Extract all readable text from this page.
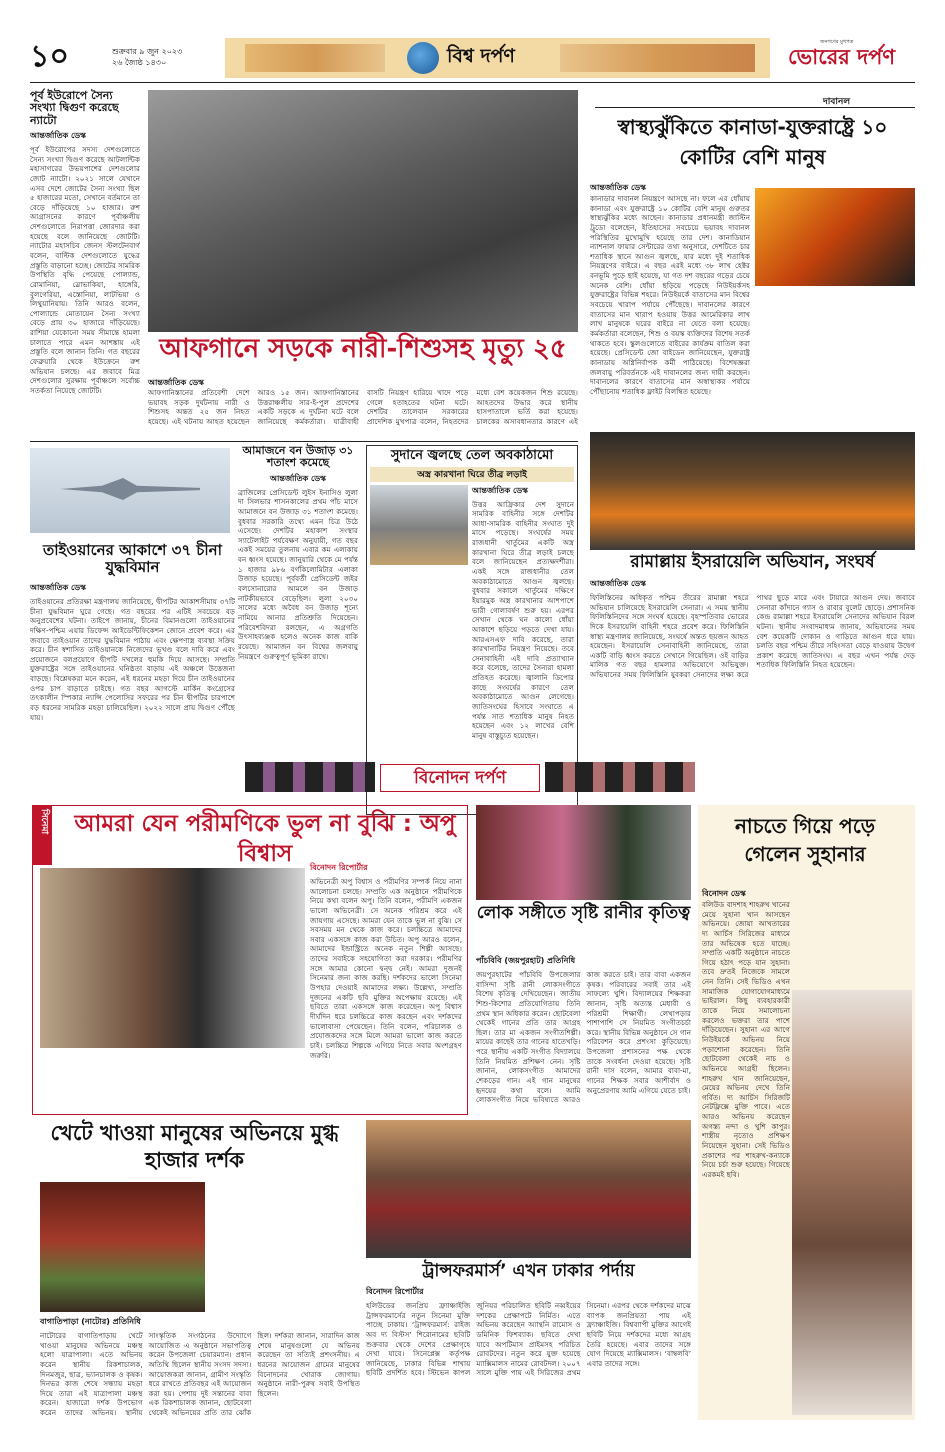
১০	শুক্রবার ৯ জুন ২০২৩
২৬ জ্যৈষ্ঠ ১৪৩০	বিশ্ব দর্পণ
জনগণের মুখপত্র
ভোরের দর্পণ
পূর্ব ইউরোপে সৈন্য সংখ্যা দ্বিগুণ করেছে ন্যাটো
আন্তর্জাতিক ডেস্ক
পূর্ব ইউরোপের সদস্য দেশগুলোতে সৈন্য সংখ্যা দ্বিগুণ করেছে আটলান্টিক মহাসাগরের উভয়পাশের দেশগুলোর জোট ন্যাটো। ২০২১ সালে যেখানে এসব দেশে জোটের সৈন্য সংখ্যা ছিল ৫ হাজারের মতো, সেখানে বর্তমানে তা বেড়ে দাঁড়িয়েছে ১০ হাজার। রুশ আগ্রাসনের কারণে পূর্বাঞ্চলীয় দেশগুলোতে নিরাপত্তা জোরদার করা হয়েছে বলে জানিয়েছে জোটটি। ন্যাটোর মহাসচিব জেনস স্টলটেনবার্গ বলেন, বাল্টিক দেশগুলোতে যুদ্ধের প্রস্তুতি বাড়ানো হচ্ছে। জোটের সামরিক উপস্থিতি বৃদ্ধি পেয়েছে পোল্যান্ড, রোমানিয়া, স্লোভাকিয়া, হাঙ্গেরি, বুলগেরিয়া, এস্তোনিয়া, লাটভিয়া ও লিথুয়ানিয়ায়। তিনি আরও বলেন, পোল্যান্ডে মোতায়েন সৈন্য সংখ্যা বেড়ে প্রায় ৩০ হাজারে দাঁড়িয়েছে। রাশিয়া যেকোনো সময় সীমান্তে হামলা চালাতে পারে এমন আশঙ্কায় এই প্রস্তুতি বলে জানান তিনি। গত বছরের ফেব্রুয়ারি থেকে ইউক্রেনে রুশ অভিযান চলছে। এর জবাবে মিত্র দেশগুলোর সুরক্ষায় পূর্বাঞ্চলে সর্বোচ্চ সতর্কতা নিয়েছে জোটটি।
দাবানল
স্বাস্থ্যঝুঁকিতে কানাডা-যুক্তরাষ্ট্রে ১০ কোটির বেশি মানুষ
আন্তর্জাতিক ডেস্ক
কানাডার দাবানল নিয়ন্ত্রণে আসছে না। ফলে এর ধোঁয়ায় কানাডা এবং যুক্তরাষ্ট্রে ১০ কোটির বেশি মানুষ গুরুতর স্বাস্থ্যঝুঁকির মধ্যে আছেন। কানাডার প্রধানমন্ত্রী জাস্টিন ট্রুডো বলেছেন, ইতিহাসের সবচেয়ে ভয়াবহ দাবানল পরিস্থিতির মুখোমুখি হয়েছে তার দেশ। কানাডিয়ান ন্যাশনাল ফায়ার সেন্টারের তথ্য অনুসারে, দেশটিতে চার শতাধিক স্থানে আগুন জ্বলছে, যার মধ্যে দুই শতাধিক নিয়ন্ত্রণের বাইরে। এ বছর এরই মধ্যে ৩৮ লাখ হেক্টর বনভূমি পুড়ে ছাই হয়েছে, যা গত দশ বছরের গড়ের চেয়ে অনেক বেশি। ধোঁয়া ছড়িয়ে পড়েছে নিউইয়র্কসহ যুক্তরাষ্ট্রের বিভিন্ন শহরে। নিউইয়র্কে বাতাসের মান বিশ্বের সবচেয়ে খারাপ পর্যায়ে পৌঁছেছে। দাবানলের কারণে বাতাসের মান খারাপ হওয়ায় উত্তর আমেরিকার লাখ লাখ মানুষকে ঘরের বাইরে না যেতে বলা হয়েছে। কর্মকর্তারা বলেছেন, শিশু ও বয়স্ক ব্যক্তিদের বিশেষ সতর্ক থাকতে হবে। স্কুলগুলোতে বাইরের কার্যক্রম বাতিল করা হয়েছে। প্রেসিডেন্ট জো বাইডেন জানিয়েছেন, যুক্তরাষ্ট্র কানাডায় অগ্নিনির্বাপক কর্মী পাঠিয়েছে। বিশেষজ্ঞরা জলবায়ু পরিবর্তনকে এই দাবানলের জন্য দায়ী করছেন। দাবানলের কারণে বাতাসের মান অস্বাস্থ্যকর পর্যায়ে পৌঁছানোয় শতাধিক ফ্লাইট বিলম্বিত হয়েছে।
আফগানে সড়কে নারী-শিশুসহ মৃত্যু ২৫
আন্তর্জাতিক ডেস্ক
আফগানিস্তানের প্রতিবেশী দেশে ভয়াবহ সড়ক দুর্ঘটনায় নারী ও শিশুসহ অন্তত ২৫ জন নিহত হয়েছে। এই ঘটনায় আহত হয়েছেন আরও ১৫ জন। আফগানিস্তানের উত্তরাঞ্চলীয় সার-ই-পুল প্রদেশের একটি সড়কে এ দুর্ঘটনা ঘটে বলে জানিয়েছে কর্মকর্তারা। যাত্রীবাহী বাসটি নিয়ন্ত্রণ হারিয়ে খাদে পড়ে গেলে হতাহতের ঘটনা ঘটে। দেশটির তালেবান সরকারের প্রাদেশিক মুখপাত্র বলেন, নিহতদের মধ্যে বেশ কয়েকজন শিশু রয়েছে। আহতদের উদ্ধার করে স্থানীয় হাসপাতালে ভর্তি করা হয়েছে। চালকের অসাবধানতার কারণে এই
আমাজনে বন উজাড় ৩১ শতাংশ কমেছে
আন্তর্জাতিক ডেস্ক
ব্রাজিলের প্রেসিডেন্ট লুইস ইনাসিও লুলা দা সিলভার শাসনকালের প্রথম পাঁচ মাসে আমাজনে বন উজাড় ৩১ শতাংশ কমেছে। বুধবার সরকারি তথ্যে এমন চিত্র উঠে এসেছে। দেশটির মহাকাশ সংস্থার স্যাটেলাইট পর্যবেক্ষণ অনুযায়ী, গত বছর একই সময়ের তুলনায় এবার কম এলাকায় বন ধ্বংস হয়েছে। জানুয়ারি থেকে মে পর্যন্ত ১ হাজার ৯৮৬ বর্গকিলোমিটার এলাকা উজাড় হয়েছে। পূর্ববর্তী প্রেসিডেন্ট জইর বলসোনারোর আমলে বন উজাড় নাটকীয়ভাবে বেড়েছিল। লুলা ২০৩০ সালের মধ্যে অবৈধ বন উজাড় শূন্যে নামিয়ে আনার প্রতিশ্রুতি দিয়েছেন। পরিবেশবিদরা বলছেন, এ অগ্রগতি উৎসাহব্যঞ্জক হলেও অনেক কাজ বাকি রয়েছে। আমাজন বন বিশ্বের জলবায়ু নিয়ন্ত্রণে গুরুত্বপূর্ণ ভূমিকা রাখে।
সুদানে জ্বলছে তেল অবকাঠামো
অস্ত্র কারখানা ঘিরে তীব্র লড়াই
আন্তর্জাতিক ডেস্ক
উত্তর আফ্রিকার দেশ সুদানে সামরিক বাহিনীর সঙ্গে দেশটির আধা-সামরিক বাহিনীর সংঘাত দুই মাসে পড়েছে। সংঘর্ষের সময় রাজধানী খার্তুমের একটি অস্ত্র কারখানা ঘিরে তীব্র লড়াই চলছে বলে জানিয়েছেন প্রত্যক্ষদর্শীরা। একই সঙ্গে রাজধানীর তেল অবকাঠামোতে আগুন জ্বলছে। বুধবার সকালে খার্তুমের দক্ষিণে ইয়ারমুক অস্ত্র কারখানার আশপাশে ভারী গোলাবর্ষণ শুরু হয়। এরপর সেখান থেকে ঘন কালো ধোঁয়া আকাশে ছড়িয়ে পড়তে দেখা যায়। আরএসএফ দাবি করেছে, তারা কারখানাটির নিয়ন্ত্রণ নিয়েছে। তবে সেনাবাহিনী এই দাবি প্রত্যাখ্যান করে বলেছে, তাদের সৈন্যরা হামলা প্রতিহত করেছে। জ্বালানি ডিপোর কাছে সংঘর্ষের কারণে তেল অবকাঠামোতে আগুন লেগেছে। জাতিসংঘের হিসাবে সংঘাতে এ পর্যন্ত সাত শতাধিক মানুষ নিহত হয়েছেন এবং ১২ লাখের বেশি মানুষ বাস্তুচ্যুত হয়েছেন।
তাইওয়ানের আকাশে ৩৭ চীনা যুদ্ধবিমান
আন্তর্জাতিক ডেস্ক
তাইওয়ানের প্রতিরক্ষা মন্ত্রণালয় জানিয়েছে, দ্বীপটির আকাশসীমায় ৩৭টি চীনা যুদ্ধবিমান ঘুরে গেছে। গত বছরের পর এটিই সবচেয়ে বড় অনুপ্রবেশের ঘটনা। তাইপে জানায়, চীনের বিমানগুলো তাইওয়ানের দক্ষিণ-পশ্চিম এয়ার ডিফেন্স আইডেন্টিফিকেশন জোনে প্রবেশ করে। এর জবাবে তাইওয়ান তাদের যুদ্ধবিমান পাঠায় এবং ক্ষেপণাস্ত্র ব্যবস্থা সক্রিয় করে। চীন স্বশাসিত তাইওয়ানকে নিজেদের ভূখণ্ড বলে দাবি করে এবং প্রয়োজনে বলপ্রয়োগে দ্বীপটি দখলের হুমকি দিয়ে আসছে। সম্প্রতি যুক্তরাষ্ট্রের সঙ্গে তাইওয়ানের ঘনিষ্ঠতা বাড়ায় এই অঞ্চলে উত্তেজনা বাড়ছে। বিশ্লেষকরা মনে করেন, এই ধরনের মহড়া দিয়ে চীন তাইওয়ানের ওপর চাপ বাড়াতে চাইছে। গত বছর আগস্টে মার্কিন কংগ্রেসের তৎকালীন স্পিকার ন্যান্সি পেলোসির সফরের পর চীন দ্বীপটির চারপাশে বড় ধরনের সামরিক মহড়া চালিয়েছিল। ২০২২ সালে প্রায় দ্বিগুণ পৌঁছে যায়।
রামাল্লায় ইসরায়েলি অভিযান, সংঘর্ষ
আন্তর্জাতিক ডেস্ক
ফিলিস্তিনের অধিকৃত পশ্চিম তীরের রামাল্লা শহরে অভিযান চালিয়েছে ইসরায়েলি সেনারা। এ সময় স্থানীয় ফিলিস্তিনিদের সঙ্গে সংঘর্ষ হয়েছে। বৃহস্পতিবার ভোরের দিকে ইসরায়েলি বাহিনী শহরে প্রবেশ করে। ফিলিস্তিনি স্বাস্থ্য মন্ত্রণালয় জানিয়েছে, সংঘর্ষে অন্তত ছয়জন আহত হয়েছেন। ইসরায়েলি সেনাবাহিনী জানিয়েছে, তারা একটি বাড়ি ধ্বংস করতে সেখানে গিয়েছিল। ওই বাড়ির মালিক গত বছর হামলার অভিযোগে অভিযুক্ত। অভিযানের সময় ফিলিস্তিনি যুবকরা সেনাদের লক্ষ্য করে পাথর ছুড়ে মারে এবং টায়ারে আগুন দেয়। জবাবে সেনারা কাঁদানে গ্যাস ও রাবার বুলেট ছোড়ে। প্রশাসনিক কেন্দ্র রামাল্লা শহরে ইসরায়েলি সেনাদের অভিযান বিরল ঘটনা। স্থানীয় সংবাদমাধ্যম জানায়, অভিযানের সময় বেশ কয়েকটি দোকান ও গাড়িতে আগুন ধরে যায়। চলতি বছর পশ্চিম তীরে সহিংসতা বেড়ে যাওয়ায় উদ্বেগ প্রকাশ করেছে জাতিসংঘ। এ বছর এখন পর্যন্ত দেড় শতাধিক ফিলিস্তিনি নিহত হয়েছেন।
বিনোদন দর্পণ
সিনেমা	আমরা যেন পরীমণিকে ভুল না বুঝি : অপু বিশ্বাস
বিনোদন রিপোর্টার
অভিনেত্রী অপু বিশ্বাস ও পরীমণির সম্পর্ক নিয়ে নানা আলোচনা চলছে। সম্প্রতি এক অনুষ্ঠানে পরীমণিকে নিয়ে কথা বলেন অপু। তিনি বলেন, পরীমণি একজন ভালো অভিনেত্রী। সে অনেক পরিশ্রম করে এই জায়গায় এসেছে। আমরা যেন তাকে ভুল না বুঝি। সে সবসময় মন থেকে কাজ করে। চলচ্চিত্রে আমাদের সবার একসঙ্গে কাজ করা উচিত। অপু আরও বলেন, আমাদের ইন্ডাস্ট্রিতে অনেক নতুন শিল্পী আসছে। তাদের সবাইকে সহযোগিতা করা দরকার। পরীমণির সঙ্গে আমার কোনো দ্বন্দ্ব নেই। আমরা দুজনই সিনেমার জন্য কাজ করছি। দর্শকদের ভালো সিনেমা উপহার দেওয়াই আমাদের লক্ষ্য। উল্লেখ্য, সম্প্রতি দুজনের একটি ছবি মুক্তির অপেক্ষায় রয়েছে। এই ছবিতে তারা একসঙ্গে কাজ করেছেন। অপু বিশ্বাস দীর্ঘদিন ধরে চলচ্চিত্রে কাজ করছেন এবং দর্শকদের ভালোবাসা পেয়েছেন। তিনি বলেন, পরিচালক ও প্রযোজকদের সঙ্গে মিলে আমরা ভালো কাজ করতে চাই। চলচ্চিত্র শিল্পকে এগিয়ে নিতে সবার অংশগ্রহণ জরুরি।
লোক সঙ্গীতে সৃষ্টি রানীর কৃতিত্ব
পাঁচবিবি (জয়পুরহাট) প্রতিনিধি
জয়পুরহাটের পাঁচবিবি উপজেলার বাসিন্দা সৃষ্টি রানী লোকসংগীতে বিশেষ কৃতিত্ব দেখিয়েছেন। জাতীয় শিশু-কিশোর প্রতিযোগিতায় তিনি প্রথম স্থান অধিকার করেন। ছোটবেলা থেকেই গানের প্রতি তার আগ্রহ ছিল। তার মা একজন সংগীতশিল্পী। মায়ের কাছেই তার গানের হাতেখড়ি। পরে স্থানীয় একটি সংগীত বিদ্যালয়ে তিনি নিয়মিত প্রশিক্ষণ নেন। সৃষ্টি জানান, লোকসংগীত আমাদের শেকড়ের গান। এই গান মানুষের হৃদয়ের কথা বলে। আমি লোকসংগীত নিয়ে ভবিষ্যতে আরও কাজ করতে চাই। তার বাবা একজন কৃষক। পরিবারের সবাই তার এই সাফল্যে খুশি। বিদ্যালয়ের শিক্ষকরা জানান, সৃষ্টি অত্যন্ত মেধাবী ও পরিশ্রমী শিক্ষার্থী। লেখাপড়ার পাশাপাশি সে নিয়মিত সংগীতচর্চা করে। স্থানীয় বিভিন্ন অনুষ্ঠানে সে গান পরিবেশন করে প্রশংসা কুড়িয়েছে। উপজেলা প্রশাসনের পক্ষ থেকে তাকে সংবর্ধনা দেওয়া হয়েছে। সৃষ্টি রানী দাস বলেন, আমার বাবা-মা, গানের শিক্ষক সবার আশীর্বাদ ও অনুপ্রেরণায় আমি এগিয়ে যেতে চাই।
নাচতে গিয়ে পড়ে গেলেন সুহানার
বিনোদন ডেস্ক
বলিউড বাদশাহ শাহরুখ খানের মেয়ে সুহানা খান আসছেন অভিনয়ে। জোয়া আখতারের দ্য আর্চিস সিরিজের মাধ্যমে তার অভিষেক হতে যাচ্ছে। সম্প্রতি একটি অনুষ্ঠানে নাচতে গিয়ে হঠাৎ পড়ে যান সুহানা। তবে দ্রুতই নিজেকে সামলে নেন তিনি। সেই ভিডিও এখন সামাজিক যোগাযোগমাধ্যমে ভাইরাল। কিছু ব্যবহারকারী তাকে নিয়ে সমালোচনা করলেও ভক্তরা তার পাশে দাঁড়িয়েছেন। সুহানা এর আগে নিউইয়র্কে অভিনয় নিয়ে পড়াশোনা করেছেন। তিনি ছোটবেলা থেকেই নাচ ও অভিনয়ে আগ্রহী ছিলেন। শাহরুখ খান জানিয়েছেন, মেয়ের অভিনয় দেখে তিনি গর্বিত। দ্য আর্চিস সিরিজটি নেটফ্লিক্সে মুক্তি পাবে। এতে আরও অভিনয় করেছেন অগস্ত্য নন্দা ও খুশি কাপুর। শাস্ত্রীয় নৃত্যেও প্রশিক্ষণ নিয়েছেন সুহানা। সেই ভিডিও প্রকাশের পর শাহরুখ-কন্যাকে নিয়ে চর্চা শুরু হয়েছে। গিয়েছে এরকমই ছবি।
খেটে খাওয়া মানুষের অভিনয়ে মুগ্ধ হাজার দর্শক
বাগাতিপাড়া (নাটোর) প্রতিনিধি
নাটোরের বাগাতিপাড়ায় খেটে খাওয়া মানুষের অভিনয়ে মঞ্চস্থ হলো যাত্রাপালা। এতে অভিনয় করেন স্থানীয় রিকশাচালক, দিনমজুর, ছাত্র, ভ্যানচালক ও কৃষক। দিনভর কাজ শেষে সন্ধ্যায় মহড়া দিয়ে তারা এই যাত্রাপালা মঞ্চস্থ করেন। হাজারো দর্শক উপভোগ করেন তাদের অভিনয়। স্থানীয় সাংস্কৃতিক সংগঠনের উদ্যোগে আয়োজিত এ অনুষ্ঠানে সভাপতিত্ব করেন উপজেলা চেয়ারম্যান। প্রধান অতিথি ছিলেন স্থানীয় সংসদ সদস্য। আয়োজকরা জানান, গ্রামীণ সংস্কৃতি ধরে রাখতে প্রতিবছর এই আয়োজন করা হয়। পেশায় দুই সন্তানের বাবা এক রিকশাচালক জানান, ছোটবেলা থেকেই অভিনয়ের প্রতি তার ঝোঁক ছিল। দর্শকরা জানান, সারাদিন কাজ শেষে মানুষগুলো যে অভিনয় করেছেন তা সত্যিই প্রশংসনীয়। এ ধরনের আয়োজন গ্রামের মানুষের বিনোদনের খোরাক জোগায়। অনুষ্ঠানে নারী-পুরুষ সবাই উপস্থিত ছিলেন।
ট্রান্সফরমার্স’ এখন ঢাকার পর্দায়
বিনোদন রিপোর্টার
হলিউডের জনপ্রিয় ফ্র্যাঞ্চাইজি ট্রান্সফরমার্সের নতুন সিনেমা মুক্তি পাচ্ছে ঢাকায়। ‘ট্রান্সফরমার্স: রাইজ অব দ্য বিস্টস’ শিরোনামের ছবিটি শুক্রবার থেকে দেশের প্রেক্ষাগৃহে দেখা যাবে। সিনেপ্লেক্স কর্তৃপক্ষ জানিয়েছে, ঢাকার বিভিন্ন শাখায় ছবিটি প্রদর্শিত হবে। স্টিভেন কাপল জুনিয়র পরিচালিত ছবিটি নব্বইয়ের দশকের প্রেক্ষাপটে নির্মিত। এতে অভিনয় করেছেন অ্যান্থনি রামোস ও ডমিনিক ফিশব্যাক। ছবিতে দেখা যাবে অপটিমাস প্রাইমসহ পরিচিত রোবটদের। নতুন করে যুক্ত হয়েছে ম্যাক্সিমালস নামের রোবটদল। ২০০৭ সালে মুক্তি পায় এই সিরিজের প্রথম সিনেমা। এরপর থেকে দর্শকদের মাঝে ব্যাপক জনপ্রিয়তা পায় এই ফ্র্যাঞ্চাইজি। বিশ্বব্যাপী মুক্তির আগেই ছবিটি নিয়ে দর্শকদের মধ্যে আগ্রহ তৈরি হয়েছে। এবার তাদের সঙ্গে যোগ দিয়েছে ম্যাক্সিমালস। ‘বাম্বলবি’ এবার তাদের সঙ্গে।
